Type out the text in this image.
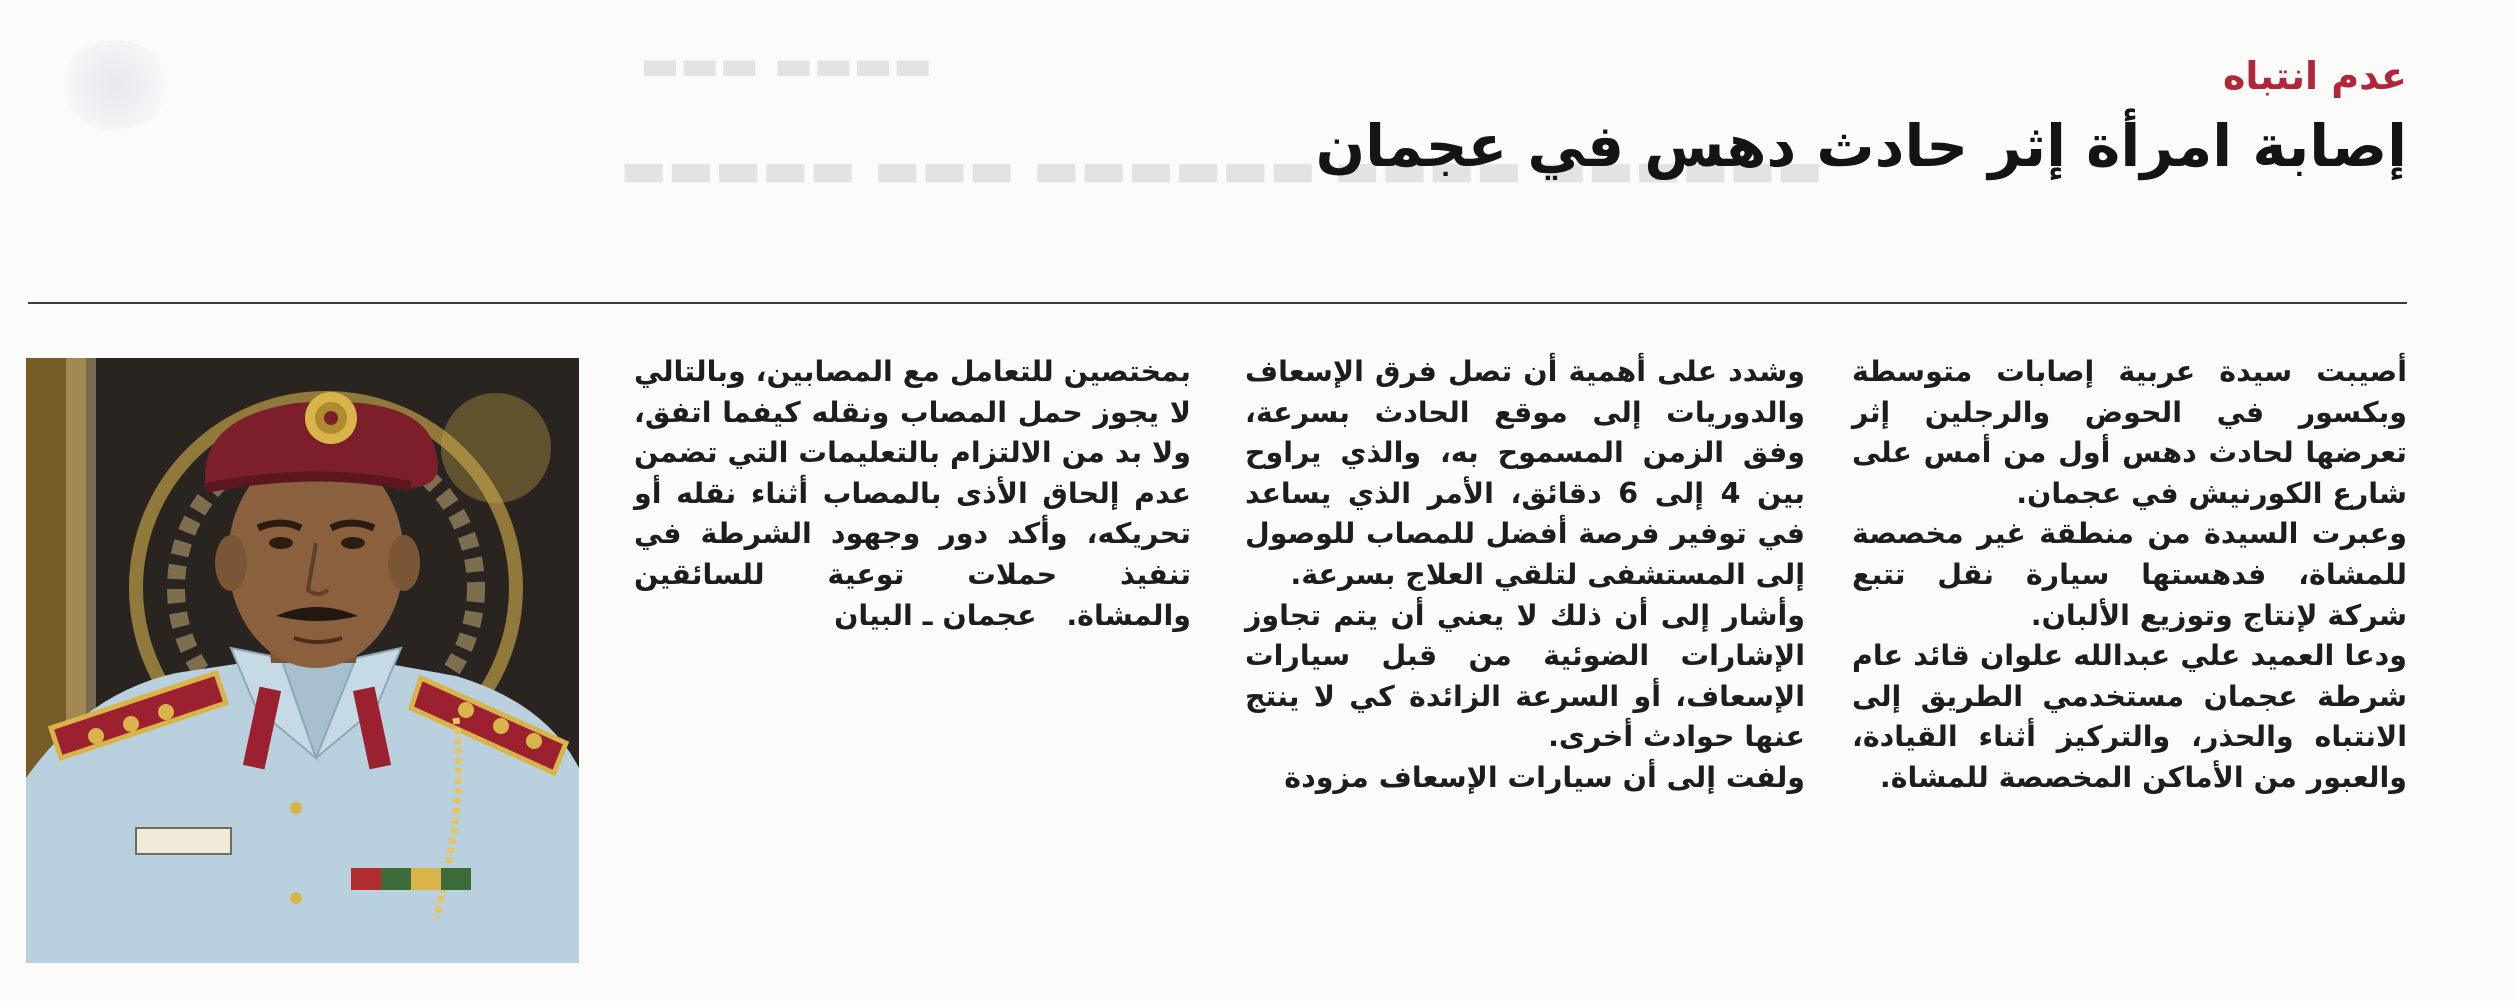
▬▬▬ ▬▬▬▬
▬▬▬▬▬ ▬▬▬ ▬▬▬▬▬▬ ▬▬▬▬ ▬▬▬▬▬▬
عدم انتباه
إصابة امرأة إثر حادث دهس في عجمان

أصيبت سيدة عربية إصابات متوسطة وبكسور في الحوض والرجلين إثر تعرضها لحادث دهس أول من أمس على شارع الكورنيش في عجمان.

وعبرت السيدة من منطقة غير مخصصة للمشاة، فدهستها سيارة نقل تتبع شركة لإنتاج وتوزيع الألبان.

ودعا العميد علي عبدالله علوان قائد عام شرطة عجمان مستخدمي الطريق إلى الانتباه والحذر، والتركيز أثناء القيادة، والعبور من الأماكن المخصصة للمشاة.

وشدد على أهمية أن تصل فرق الإسعاف والدوريات إلى موقع الحادث بسرعة، وفق الزمن المسموح به، والذي يراوح بين 4 إلى 6 دقائق، الأمر الذي يساعد في توفير فرصة أفضل للمصاب للوصول إلى المستشفى لتلقي العلاج بسرعة.

وأشار إلى أن ذلك لا يعني أن يتم تجاوز الإشارات الضوئية من قبل سيارات الإسعاف، أو السرعة الزائدة كي لا ينتج عنها حوادث أخرى.

ولفت إلى أن سيارات الإسعاف مزودة

بمختصين للتعامل مع المصابين، وبالتالي لا يجوز حمل المصاب ونقله كيفما اتفق، ولا بد من الالتزام بالتعليمات التي تضمن عدم إلحاق الأذى بالمصاب أثناء نقله أو تحريكه، وأكد دور وجهود الشرطة في تنفيذ حملات توعية للسائقين والمشاة.   عجمان ـ البيان
